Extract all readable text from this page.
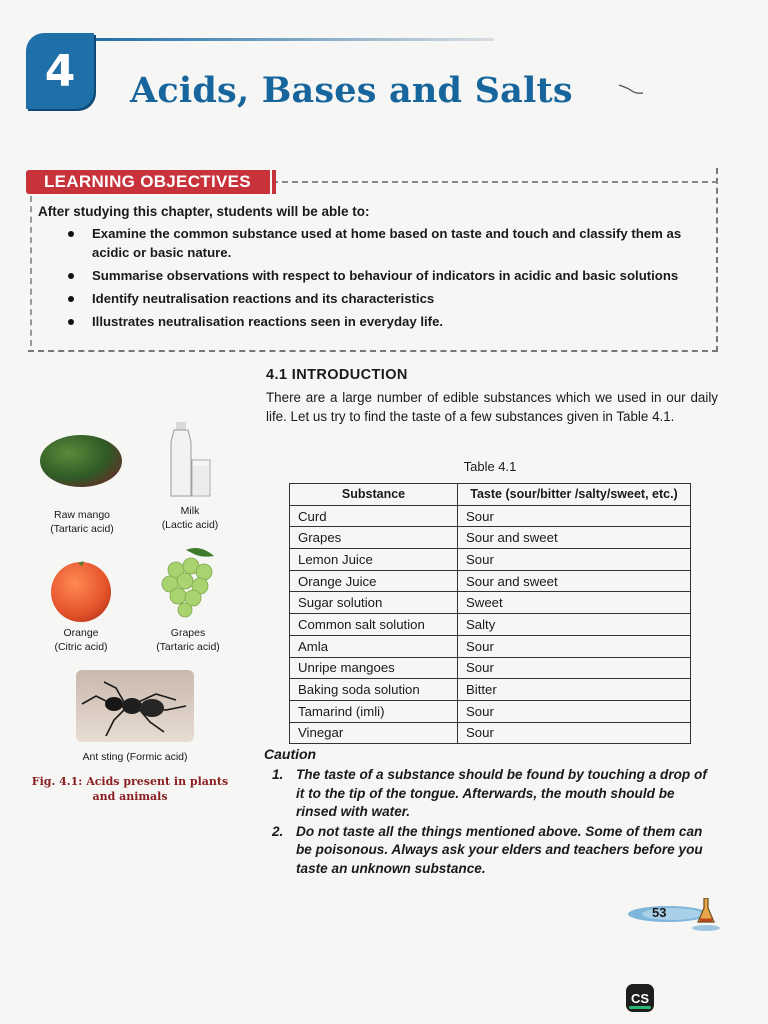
4	Acids, Bases and Salts
LEARNING OBJECTIVES
After studying this chapter, students will be able to:
Examine the common substance used at home based on taste and touch and classify them as acidic or basic nature.
Summarise observations with respect to behaviour of indicators in acidic and basic solutions
Identify neutralisation reactions and its characteristics
Illustrates neutralisation reactions seen in everyday life.
Raw mango
(Tartaric acid)
Milk
(Lactic acid)
Orange
(Citric acid)
Grapes
(Tartaric acid)
Ant sting (Formic acid)
Fig. 4.1: Acids present in plants and animals
4.1 INTRODUCTION
There are a large number of edible substances which we used in our daily life. Let us try to find the taste of a few substances given in Table 4.1.
Table 4.1
Substance	Taste (sour/bitter /salty/sweet, etc.)
Curd	Sour
Grapes	Sour and sweet
Lemon Juice	Sour
Orange Juice	Sour and sweet
Sugar solution	Sweet
Common salt solution	Salty
Amla	Sour
Unripe mangoes	Sour
Baking soda solution	Bitter
Tamarind (imli)	Sour
Vinegar	Sour
Caution
1. The taste of a substance should be found by touching a drop of it to the tip of the tongue. Afterwards, the mouth should be rinsed with water.
2. Do not taste all the things mentioned above. Some of them can be poisonous. Always ask your elders and teachers before you taste an unknown substance.
53
CS
